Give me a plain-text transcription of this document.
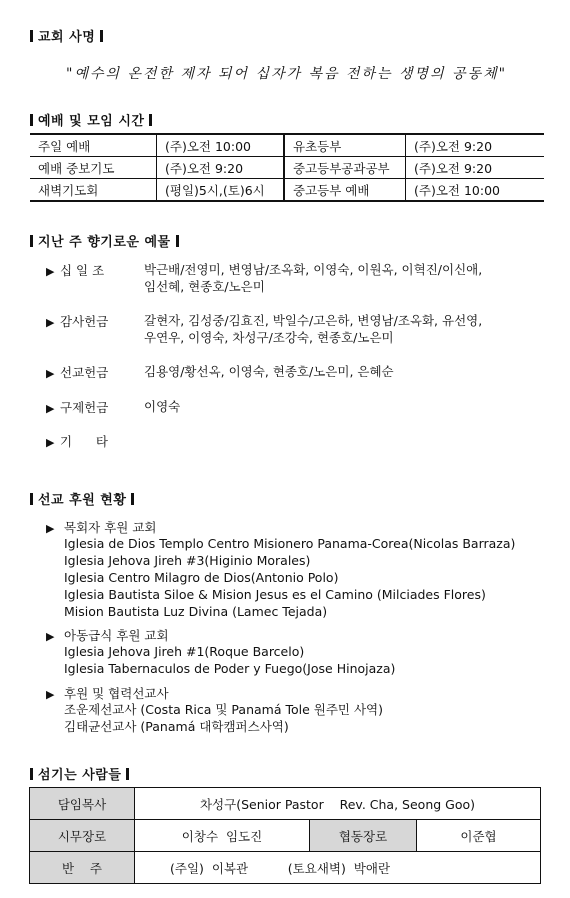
교회 사명
"예수의 온전한 제자 되어 십자가 복음 전하는 생명의 공동체"
예배 및 모임 시간
주일 예배	(주)오전 10:00	유초등부	(주)오전 9:20
예배 중보기도	(주)오전 9:20	중고등부공과공부	(주)오전 9:20
새벽기도회	(평일)5시,(토)6시	중고등부 예배	(주)오전 10:00
지난 주 향기로운 예물
▶ 십 일 조	박근배/전영미, 변영남/조옥화, 이영숙, 이원옥, 이혁진/이신애,
임선혜, 현종호/노은미
▶ 감사헌금	갈현자, 김성중/김효진, 박일수/고은하, 변영남/조옥화, 유선영,
우연우, 이영숙, 차성구/조강숙, 현종호/노은미
▶ 선교헌금	김용영/황선옥, 이영숙, 현종호/노은미, 은혜순
▶ 구제헌금	이영숙
▶ 기      타
선교 후원 현황
▶ 목회자 후원 교회
Iglesia de Dios Templo Centro Misionero Panama-Corea(Nicolas Barraza)
Iglesia Jehova Jireh #3(Higinio Morales)
Iglesia Centro Milagro de Dios(Antonio Polo)
Iglesia Bautista Siloe & Mision Jesus es el Camino (Milciades Flores)
Mision Bautista Luz Divina (Lamec Tejada)
▶ 아동급식 후원 교회
Iglesia Jehova Jireh #1(Roque Barcelo)
Iglesia Tabernaculos de Poder y Fuego(Jose Hinojaza)
▶ 후원 및 협력선교사
조운제선교사 (Costa Rica 및 Panamá Tole 원주민 사역)
김태균선교사 (Panamá 대학캠퍼스사역)
섬기는 사람들
담임목사	차성구(Senior Pastor    Rev. Cha, Seong Goo)		
시무장로	이창수  임도진	협동장로	이준협
반    주	(주일)  이복관          (토요새벽)  박애란		
